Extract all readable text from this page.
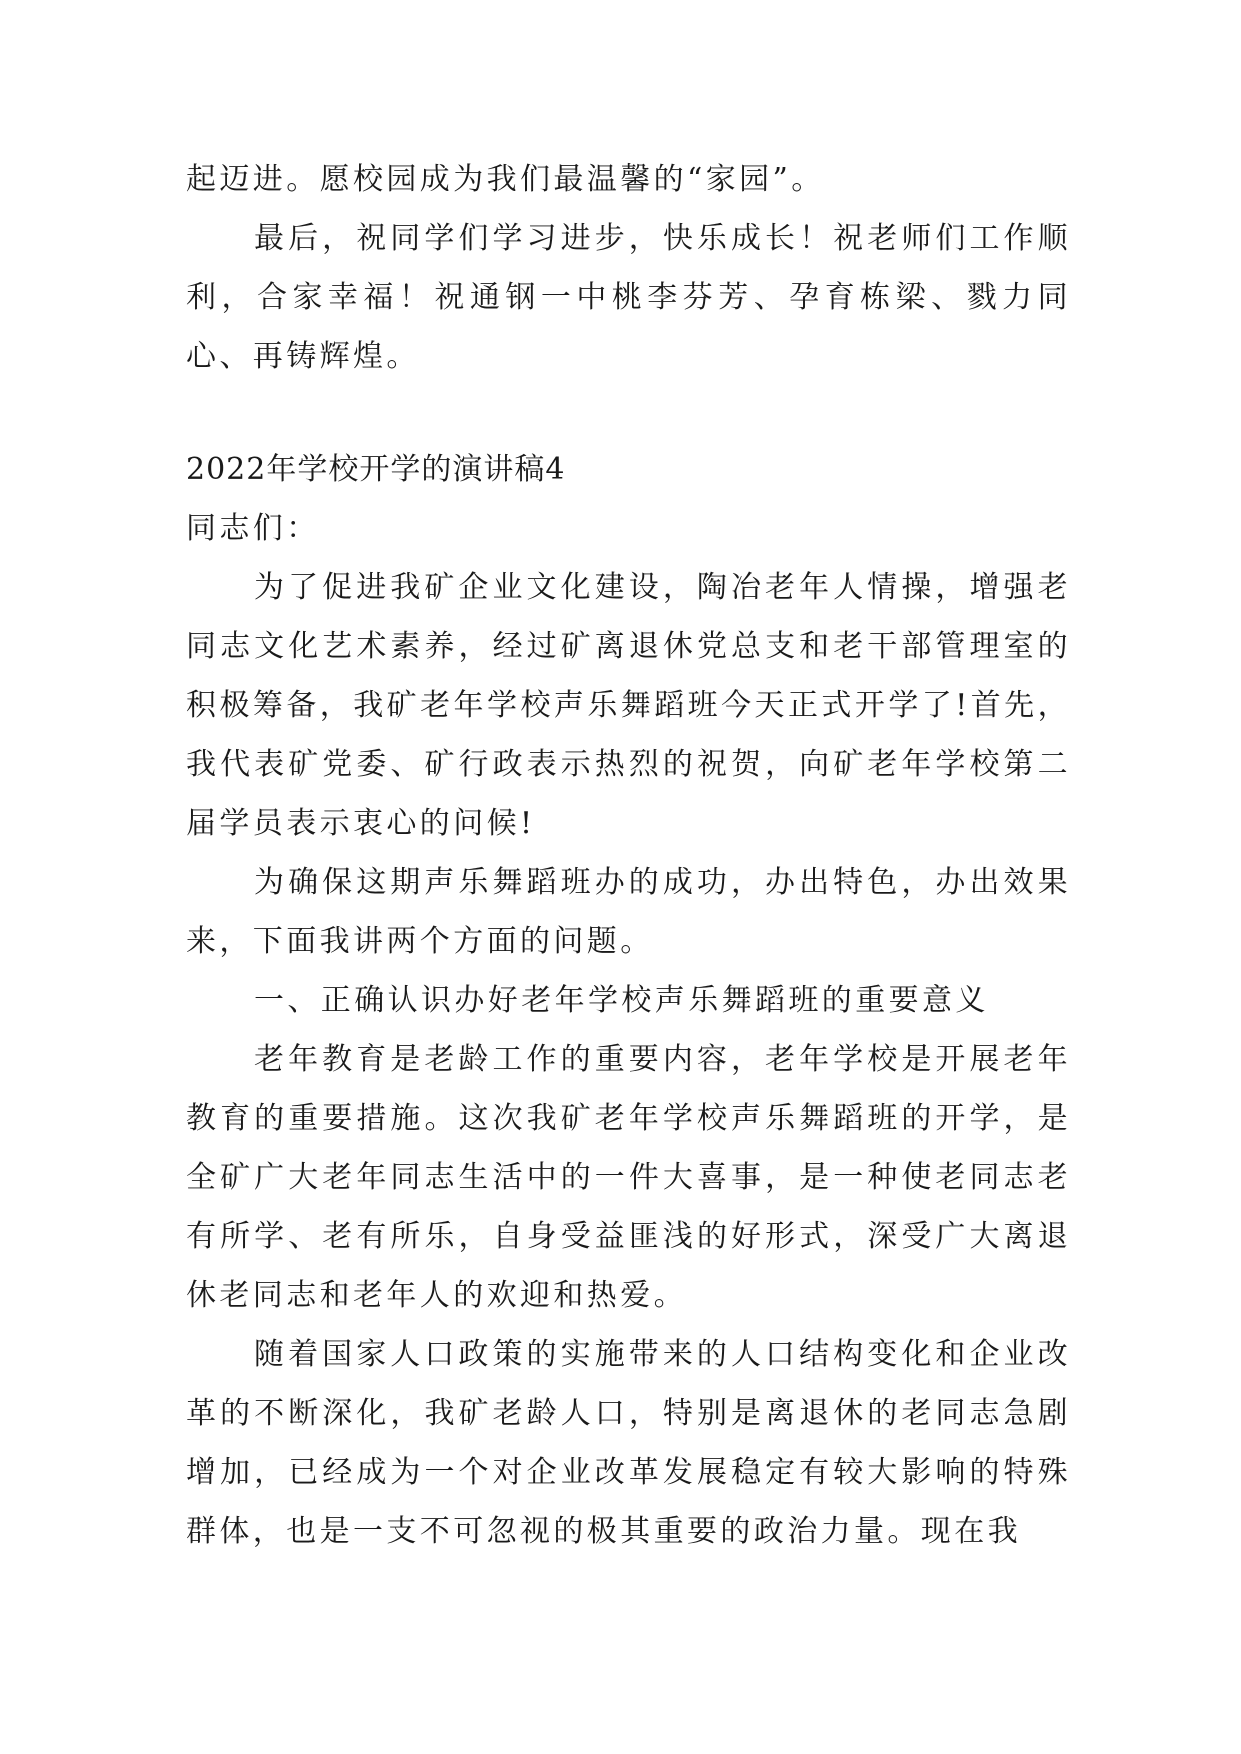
起迈进。愿校园成为我们最温馨的“家园”。

最后，祝同学们学习进步，快乐成长！祝老师们工作顺利，合家幸福！祝通钢一中桃李芬芳、孕育栋梁、戮力同心、再铸辉煌。

2022年学校开学的演讲稿4

同志们：

为了促进我矿企业文化建设，陶冶老年人情操，增强老同志文化艺术素养，经过矿离退休党总支和老干部管理室的积极筹备，我矿老年学校声乐舞蹈班今天正式开学了!首先，我代表矿党委、矿行政表示热烈的祝贺，向矿老年学校第二届学员表示衷心的问候!

为确保这期声乐舞蹈班办的成功，办出特色，办出效果来，下面我讲两个方面的问题。

一、正确认识办好老年学校声乐舞蹈班的重要意义

老年教育是老龄工作的重要内容，老年学校是开展老年教育的重要措施。这次我矿老年学校声乐舞蹈班的开学，是全矿广大老年同志生活中的一件大喜事，是一种使老同志老有所学、老有所乐，自身受益匪浅的好形式，深受广大离退休老同志和老年人的欢迎和热爱。

随着国家人口政策的实施带来的人口结构变化和企业改革的不断深化，我矿老龄人口，特别是离退休的老同志急剧增加，已经成为一个对企业改革发展稳定有较大影响的特殊群体，也是一支不可忽视的极其重要的政治力量。现在我
